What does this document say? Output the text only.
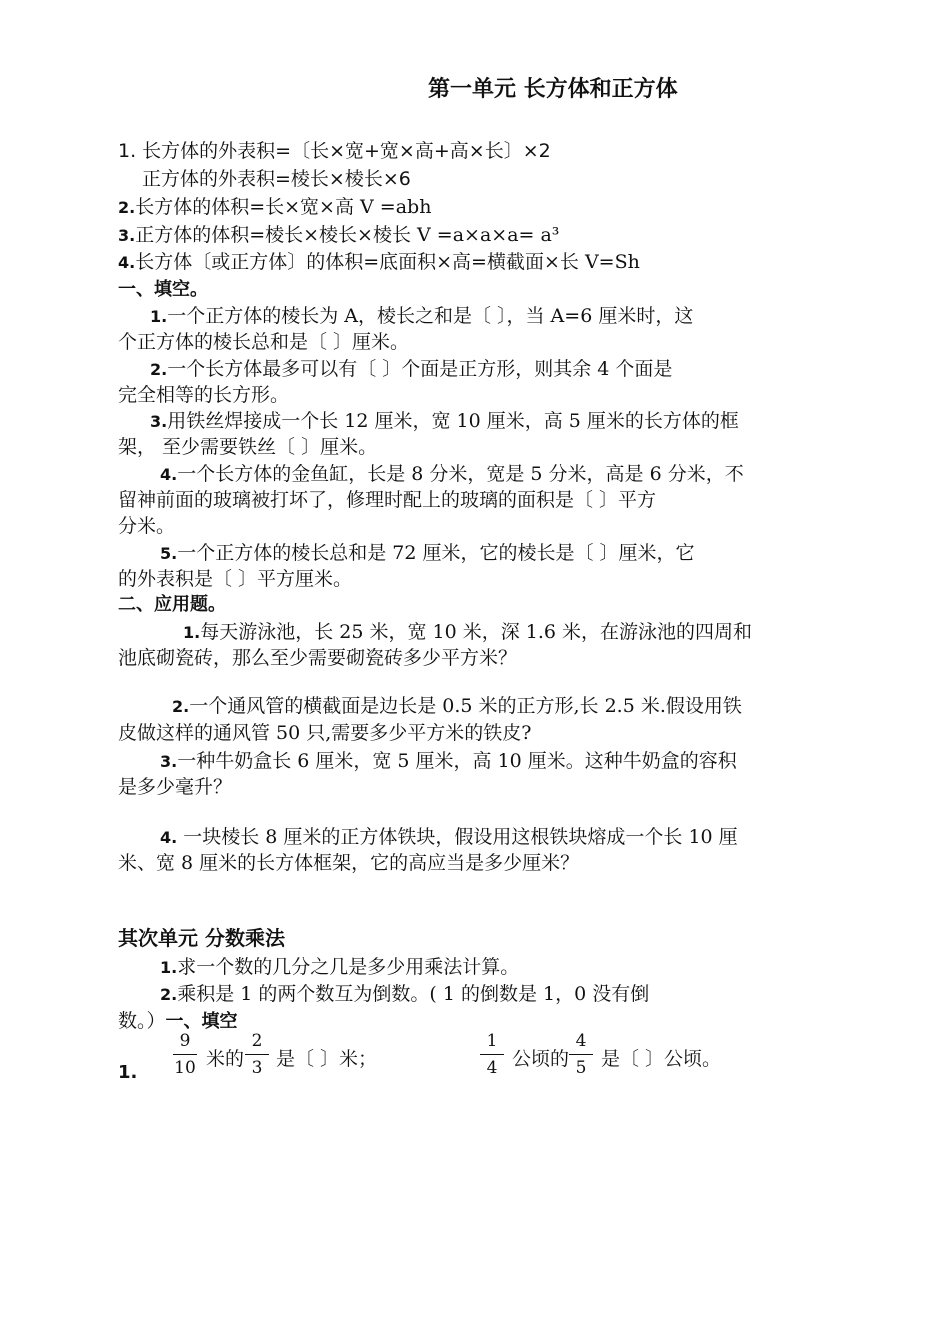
第一单元 长方体和正方体
1. 长方体的外表积=〔长×宽+宽×高+高×长〕×2
正方体的外表积=棱长×棱长×6
2.长方体的体积=长×宽×高 V =abh
3.正方体的体积=棱长×棱长×棱长 V =a×a×a= a³
4.长方体〔或正方体〕的体积=底面积×高=横截面×长 V=Sh
一、填空。
1.一个正方体的棱长为 A，棱长之和是〔 〕，当 A=6 厘米时，这
个正方体的棱长总和是〔 〕厘米。
2.一个长方体最多可以有〔 〕个面是正方形，则其余 4 个面是
完全相等的长方形。
3.用铁丝焊接成一个长 12 厘米，宽 10 厘米，高 5 厘米的长方体的框
架， 至少需要铁丝〔 〕厘米。
4.一个长方体的金鱼缸，长是 8 分米，宽是 5 分米，高是 6 分米，不
留神前面的玻璃被打坏了，修理时配上的玻璃的面积是〔 〕平方
分米。
5.一个正方体的棱长总和是 72 厘米，它的棱长是〔 〕厘米，它
的外表积是〔 〕平方厘米。
二、应用题。
1.每天游泳池，长 25 米，宽 10 米，深 1.6 米，在游泳池的四周和
池底砌瓷砖，那么至少需要砌瓷砖多少平方米？
2.一个通风管的横截面是边长是 0.5 米的正方形,长 2.5 米.假设用铁
皮做这样的通风管 50 只,需要多少平方米的铁皮?
3.一种牛奶盒长 6 厘米，宽 5 厘米，高 10 厘米。这种牛奶盒的容积
是多少毫升？
4. 一块棱长 8 厘米的正方体铁块，假设用这根铁块熔成一个长 10 厘
米、宽 8 厘米的长方体框架，它的高应当是多少厘米？
其次单元 分数乘法
1.求一个数的几分之几是多少用乘法计算。
2.乘积是 1 的两个数互为倒数。( 1 的倒数是 1，0 没有倒
数。）一、填空
1.
9
10 米的
2
3 是〔 〕米；
1
4 公顷的
4
5 是〔 〕公顷。
